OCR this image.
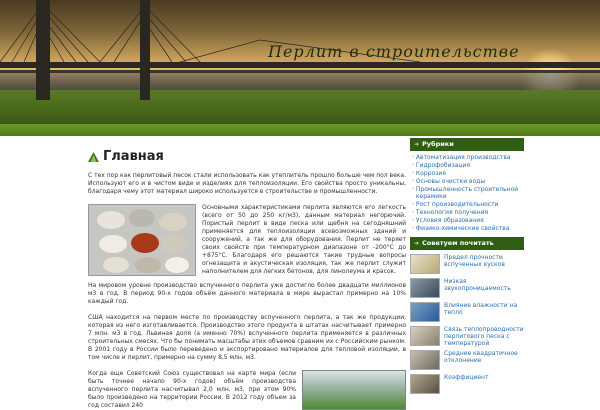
Перлит в строительстве
Главная

С тех пор как перлитовый песок стали использовать как утеплитель прошло больше чем пол века. Используют его и в чистом виде и изделиях для теплоизоляции. Его свойства просто уникальны, благодаря чему этот материал широко используется в строительстве и промышленности.

Основными характеристиками перлита являются его легкость (всего от 50 до 250 кг/м3), данным материал негорючий. Пористый перлит в виде песка или щебня на сегодняшний применяется для теплоизоляции всевозможных зданий и сооружений, а так же для оборудования. Перлит не теряет своих свойств при температурном диапазоне от -200°С до +875°С. Благодаря его решаются такие трудные вопросы огнезащита и акустическая изоляция, так же перлит служит наполнителем для легких бетонов, для линолеума и красок.

На мировом уровне производство вспученного перлита уже достигло более двадцати миллионов м3 в год. В период 90-х годов объём данного материала в мире вырастал примерно на 10% каждый год.

США находится на первом месте по производству вспученного перлита, а так же продукции, которая из него изготавливается. Производство этого продукта в штатах насчитывает примерно 7 млн. м3 в год. Львиная доля (а именно 70%) вспученного перлита применяется в различных строительных смесях. Что бы понимать масштабы этих объемов сравним их с Российским рынком. В 2001 году в России было переведено и экспортировано материалов для тепловой изоляции, в том числе и перлит, примерно на сумму 8,5 млн. м3.

Когда еще Советский Союз существовал на карте мира (если быть точнее начало 90-х годов) объём производства вспученного перлита насчитывал 2,0 млн. м3, при этом 90% было произведено на территории России. В 2012 году объем за год составил 240

➜ Рубрики
· Автоматизация производства
· Гидрофобизация
· Коррозия
· Основы очистки воды
· Промышленность строительной керамики
· Рост производительности
· Технология получения
· Условия образования
· Физико-химические свойства
➜ Советуем почитать
Предел прочности вспученных кусков
Низкая звукопроницаемость
Влияние влажности на тепло
Связь теплопроводности перлитового песка с температурой
Среднее квадратичное отклонение
Коэффициент
